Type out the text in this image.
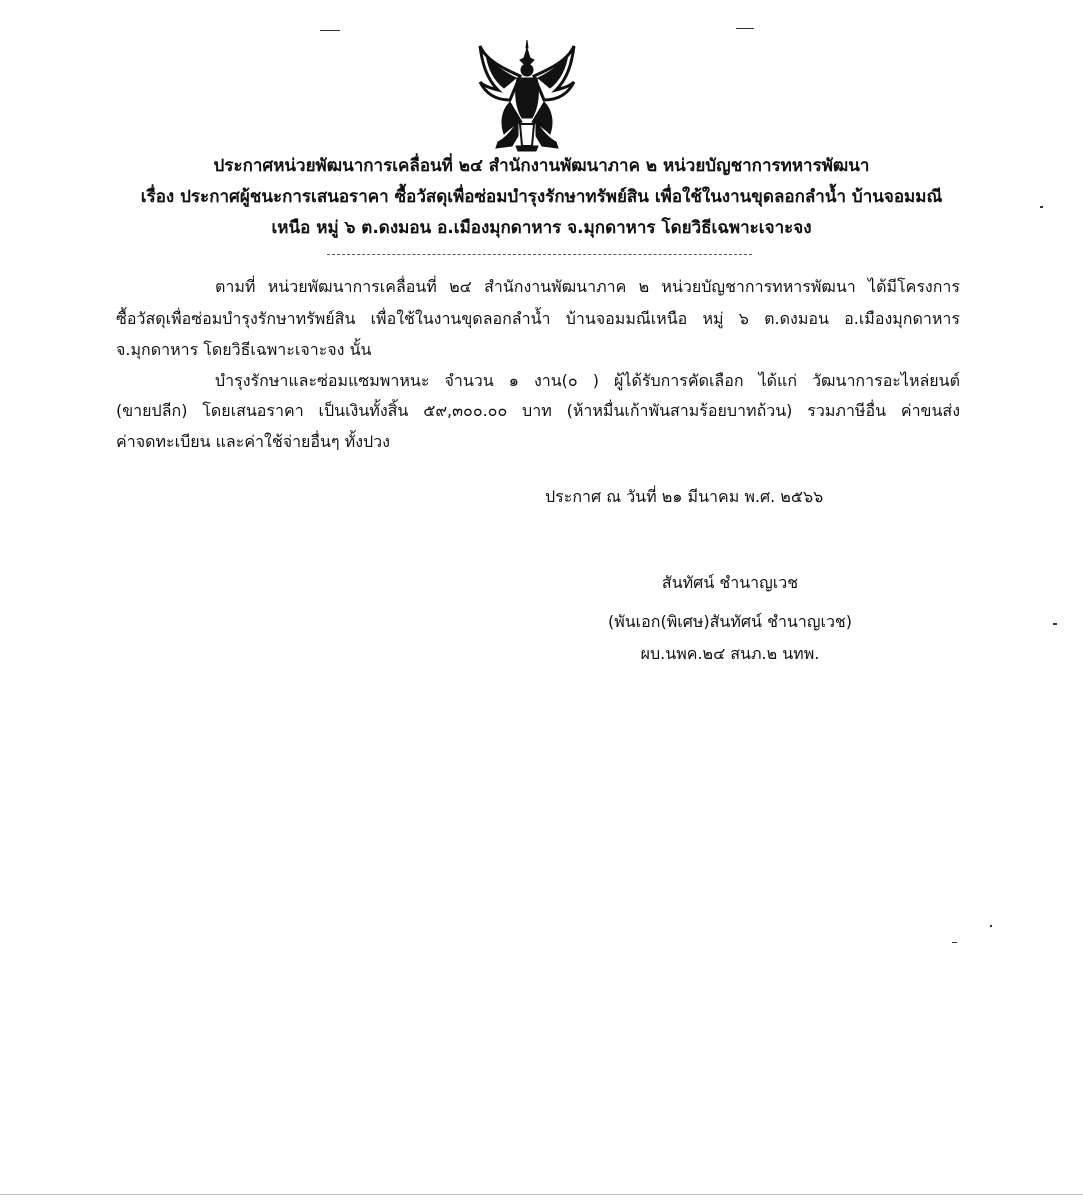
ประกาศหน่วยพัฒนาการเคลื่อนที่ ๒๔ สำนักงานพัฒนาภาค ๒ หน่วยบัญชาการทหารพัฒนา
เรื่อง ประกาศผู้ชนะการเสนอราคา ซื้อวัสดุเพื่อซ่อมบำรุงรักษาทรัพย์สิน เพื่อใช้ในงานขุดลอกลำน้ำ บ้านจอมมณี
เหนือ หมู่ ๖ ต.ดงมอน อ.เมืองมุกดาหาร จ.มุกดาหาร โดยวิธีเฉพาะเจาะจง
ตามที่ หน่วยพัฒนาการเคลื่อนที่ ๒๔ สำนักงานพัฒนาภาค ๒ หน่วยบัญชาการทหารพัฒนา ได้มีโครงการ
ซื้อวัสดุเพื่อซ่อมบำรุงรักษาทรัพย์สิน เพื่อใช้ในงานขุดลอกลำน้ำ บ้านจอมมณีเหนือ หมู่ ๖ ต.ดงมอน อ.เมืองมุกดาหาร
จ.มุกดาหาร โดยวิธีเฉพาะเจาะจง นั้น
บำรุงรักษาและซ่อมแซมพาหนะ จำนวน ๑ งาน(๐ ) ผู้ได้รับการคัดเลือก ได้แก่ วัฒนาการอะไหล่ยนต์
(ขายปลีก) โดยเสนอราคา เป็นเงินทั้งสิ้น ๕๙,๓๐๐.๐๐ บาท (ห้าหมื่นเก้าพันสามร้อยบาทถ้วน) รวมภาษีอื่น ค่าขนส่ง
ค่าจดทะเบียน และค่าใช้จ่ายอื่นๆ ทั้งปวง
ประกาศ ณ วันที่ ๒๑ มีนาคม พ.ศ. ๒๕๖๖
สันทัศน์ ชำนาญเวช
(พันเอก(พิเศษ)สันทัศน์ ชำนาญเวช)
ผบ.นพค.๒๔ สนภ.๒ นทพ.
